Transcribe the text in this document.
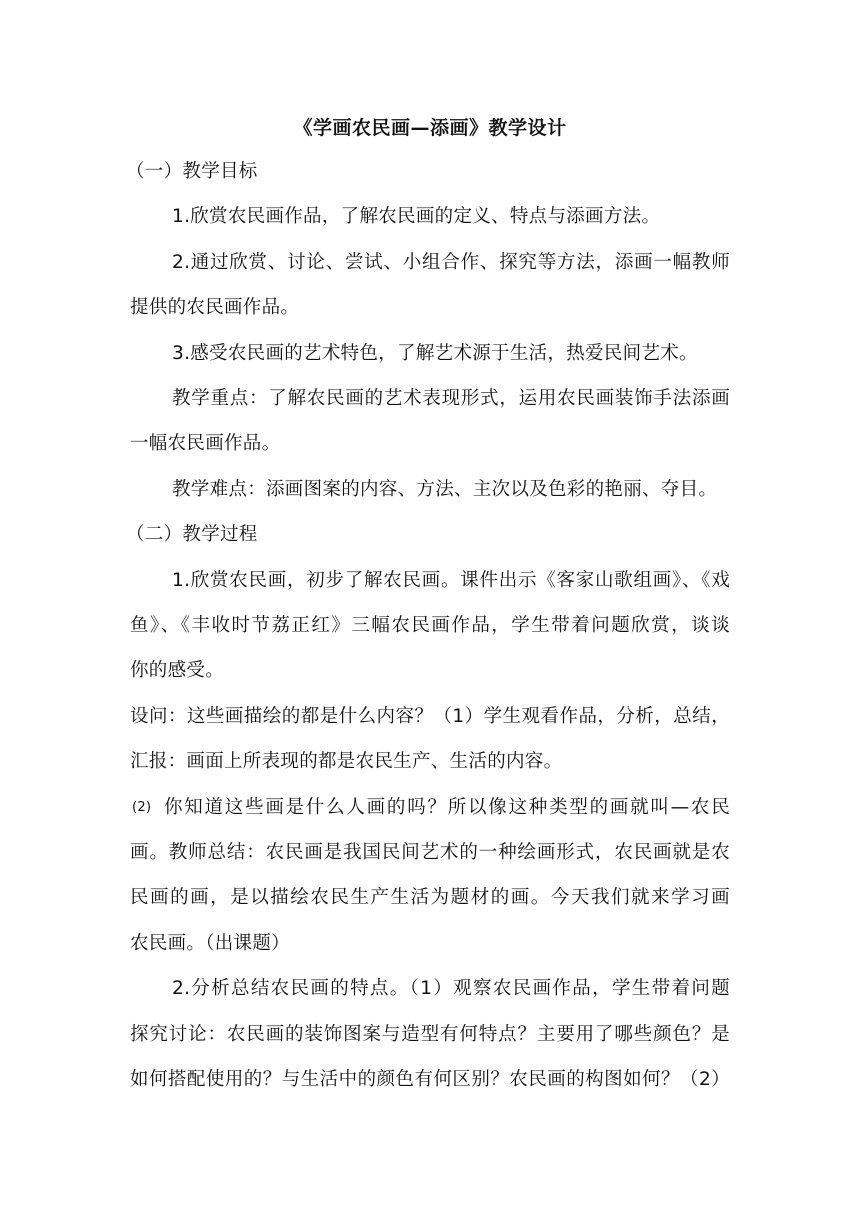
《学画农民画—添画》教学设计
（一）教学目标
1.欣赏农民画作品，了解农民画的定义、特点与添画方法。
2.通过欣赏、讨论、尝试、小组合作、探究等方法，添画一幅教师
提供的农民画作品。
3.感受农民画的艺术特色，了解艺术源于生活，热爱民间艺术。
教学重点：了解农民画的艺术表现形式，运用农民画装饰手法添画
一幅农民画作品。
教学难点：添画图案的内容、方法、主次以及色彩的艳丽、夺目。
（二）教学过程
1.欣赏农民画，初步了解农民画。课件出示《客家山歌组画》、《戏
鱼》、《丰收时节荔正红》三幅农民画作品，学生带着问题欣赏，谈谈
你的感受。
设问：这些画描绘的都是什么内容？（1）学生观看作品，分析，总结，
汇报：画面上所表现的都是农民生产、生活的内容。
(2) 你知道这些画是什么人画的吗？所以像这种类型的画就叫—农民
画。教师总结：农民画是我国民间艺术的一种绘画形式，农民画就是农
民画的画，是以描绘农民生产生活为题材的画。今天我们就来学习画
农民画。（出课题）
2.分析总结农民画的特点。（1）观察农民画作品，学生带着问题
探究讨论：农民画的装饰图案与造型有何特点？主要用了哪些颜色？是
如何搭配使用的？与生活中的颜色有何区别？农民画的构图如何？（2）
